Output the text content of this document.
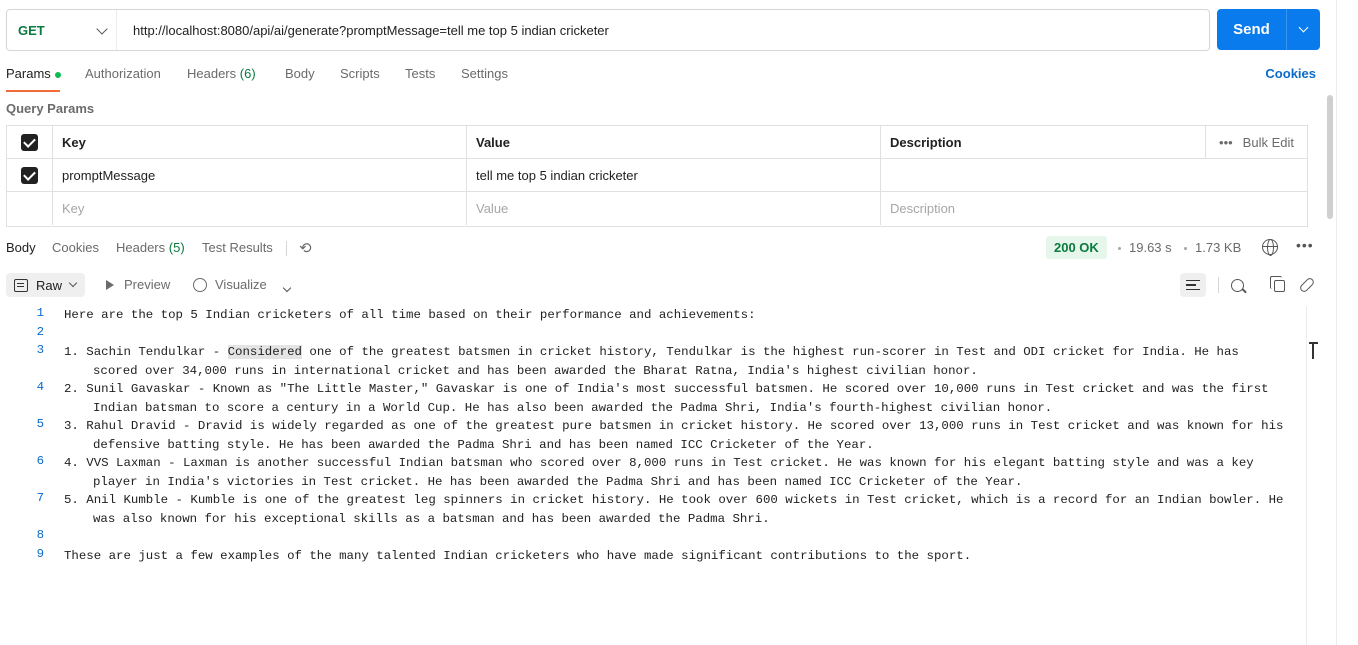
GET	http://localhost:8080/api/ai/generate?promptMessage=tell me top 5 indian cricketer	Send
Params	Authorization Headers (6) Body Scripts Tests Settings	Cookies
Query Params
Key	Value	Description	••• Bulk Edit
promptMessage	tell me top 5 indian cricketer
Key	Value	Description
Body Cookies Headers (5) Test Results ⟲	200 OK	19.63 s 1.73 KB	•••
Raw	Preview	Visualize
1 Here are the top 5 Indian cricketers of all time based on their performance and achievements:
2

3 1. Sachin Tendulkar - Considered one of the greatest batsmen in cricket history, Tendulkar is the highest run-scorer in Test and ODI cricket for India. He has scored over 34,000 runs in international cricket and has been awarded the Bharat Ratna, India's highest civilian honor.
4 2. Sunil Gavaskar - Known as "The Little Master," Gavaskar is one of India's most successful batsmen. He scored over 10,000 runs in Test cricket and was the first Indian batsman to score a century in a World Cup. He has also been awarded the Padma Shri, India's fourth-highest civilian honor.
5 3. Rahul Dravid - Dravid is widely regarded as one of the greatest pure batsmen in cricket history. He scored over 13,000 runs in Test cricket and was known for his defensive batting style. He has been awarded the Padma Shri and has been named ICC Cricketer of the Year.
6 4. VVS Laxman - Laxman is another successful Indian batsman who scored over 8,000 runs in Test cricket. He was known for his elegant batting style and was a key player in India's victories in Test cricket. He has been awarded the Padma Shri and has been named ICC Cricketer of the Year.
7 5. Anil Kumble - Kumble is one of the greatest leg spinners in cricket history. He took over 600 wickets in Test cricket, which is a record for an Indian bowler. He was also known for his exceptional skills as a batsman and has been awarded the Padma Shri.
8

9 These are just a few examples of the many talented Indian cricketers who have made significant contributions to the sport.
